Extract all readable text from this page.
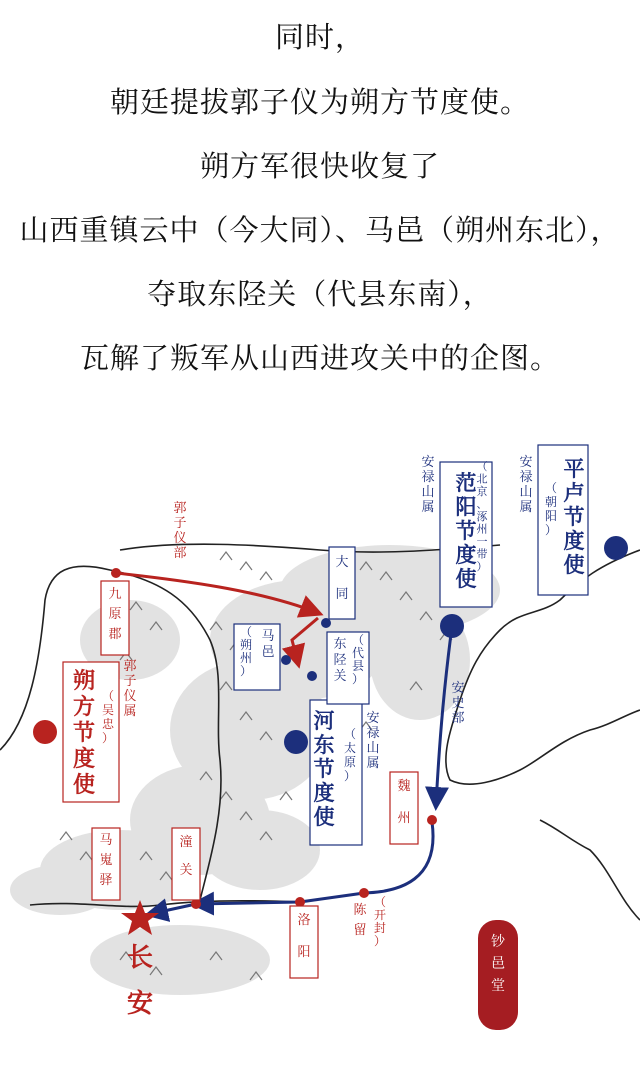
同时，
朝廷提拔郭子仪为朔方节度使。
朔方军很快收复了
山西重镇云中（今大同）、马邑（朔州东北），
夺取东陉关（代县东南），
瓦解了叛军从山西进攻关中的企图。
平卢节度使
（朝阳）
安禄山属
范阳节度使
（北京、涿州一带）
安禄山属
河东节度使
（太原）
安禄山属
朔方节度使
（吴忠）
郭子仪属
郭子仪部
安史部
大同
马邑
（朔州）
东陉关
（代县）
九原郡
魏州
陈留
（开封）
洛阳
潼关
马嵬驿
长安
钞邑堂
